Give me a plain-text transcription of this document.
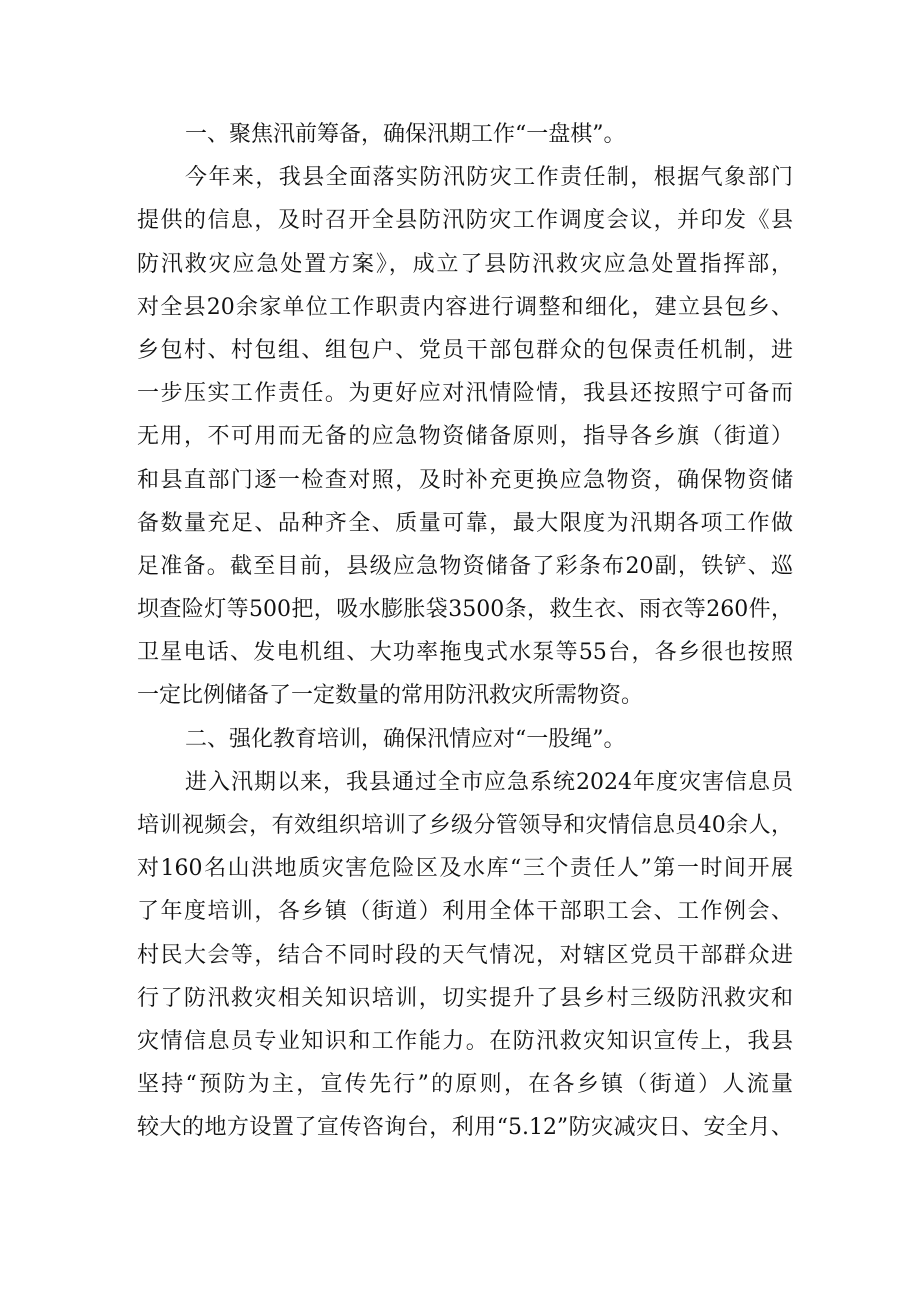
一、聚焦汛前筹备，确保汛期工作“一盘棋”。
今年来，我县全面落实防汛防灾工作责任制，根据气象部门
提供的信息，及时召开全县防汛防灾工作调度会议，并印发《县
防汛救灾应急处置方案》，成立了县防汛救灾应急处置指挥部，
对全县20余家单位工作职责内容进行调整和细化，建立县包乡、
乡包村、村包组、组包户、党员干部包群众的包保责任机制，进
一步压实工作责任。为更好应对汛情险情，我县还按照宁可备而
无用，不可用而无备的应急物资储备原则，指导各乡旗（街道）
和县直部门逐一检查对照，及时补充更换应急物资，确保物资储
备数量充足、品种齐全、质量可靠，最大限度为汛期各项工作做
足准备。截至目前，县级应急物资储备了彩条布20副，铁铲、巡
坝查险灯等500把，吸水膨胀袋3500条，救生衣、雨衣等260件，
卫星电话、发电机组、大功率拖曳式水泵等55台，各乡很也按照
一定比例储备了一定数量的常用防汛救灾所需物资。
二、强化教育培训，确保汛情应对“一股绳”。
进入汛期以来，我县通过全市应急系统2024年度灾害信息员
培训视频会，有效组织培训了乡级分管领导和灾情信息员40余人，
对160名山洪地质灾害危险区及水库“三个责任人”第一时间开展
了年度培训，各乡镇（街道）利用全体干部职工会、工作例会、
村民大会等，结合不同时段的天气情况，对辖区党员干部群众进
行了防汛救灾相关知识培训，切实提升了县乡村三级防汛救灾和
灾情信息员专业知识和工作能力。在防汛救灾知识宣传上，我县
坚持“预防为主，宣传先行”的原则，在各乡镇（街道）人流量
较大的地方设置了宣传咨询台，利用“5.12”防灾减灾日、安全月、
